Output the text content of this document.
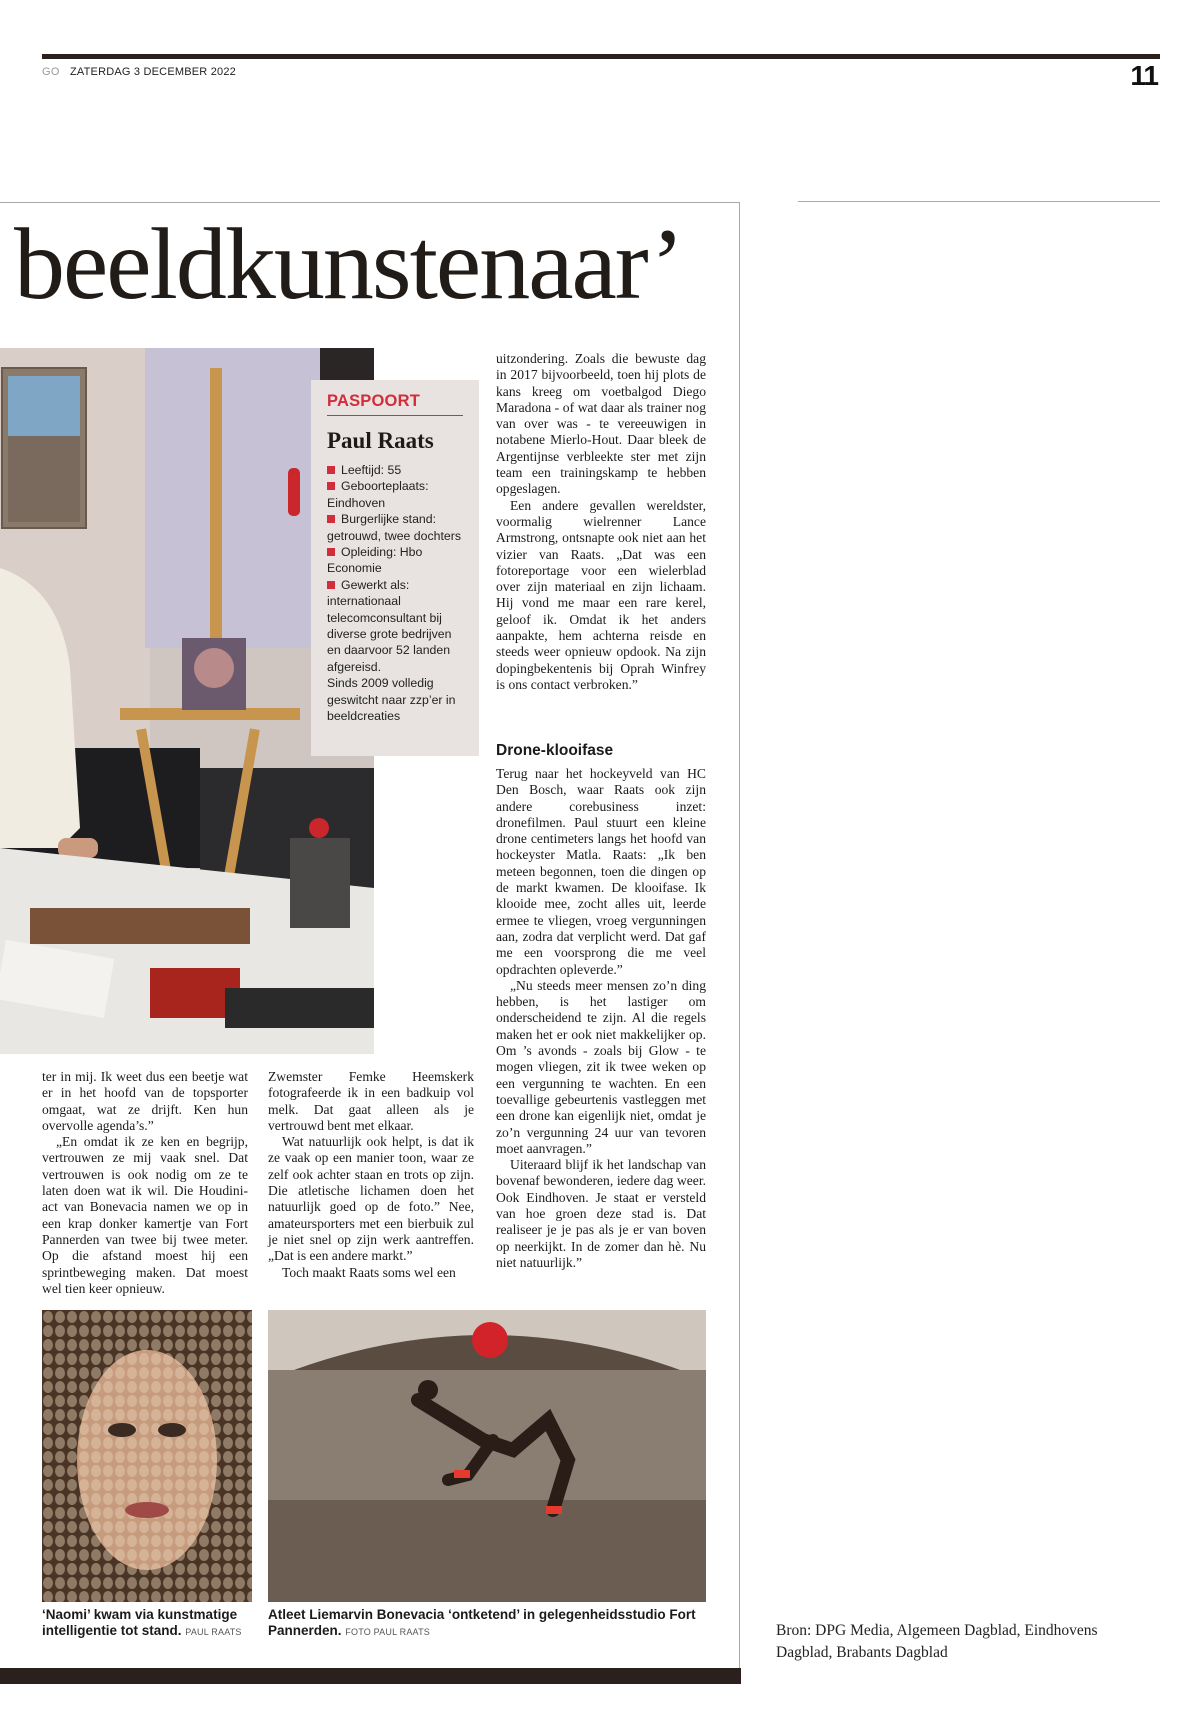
GO ZATERDAG 3 DECEMBER 2022	11
beeldkunstenaar’
PASPOORT
Paul Raats
Leeftijd: 55
Geboorteplaats: Eindhoven
Burgerlijke stand: getrouwd, twee dochters
Opleiding: Hbo Economie
Gewerkt als: internationaal telecomconsultant bij diverse grote bedrijven en daarvoor 52 landen afgereisd.
Sinds 2009 volledig geswitcht naar zzp’er in beeldcreaties

uitzondering. Zoals die bewuste dag in 2017 bijvoorbeeld, toen hij plots de kans kreeg om voetbalgod Diego Maradona - of wat daar als trainer nog van over was - te vereeuwigen in notabene Mierlo-Hout. Daar bleek de Argentijnse verbleekte ster met zijn team een trainingskamp te hebben opgeslagen.

Een andere gevallen wereldster, voormalig wielrenner Lance Armstrong, ontsnapte ook niet aan het vizier van Raats. „Dat was een fotoreportage voor een wielerblad over zijn materiaal en zijn lichaam. Hij vond me maar een rare kerel, geloof ik. Omdat ik het anders aanpakte, hem achterna reisde en steeds weer opnieuw opdook. Na zijn dopingbekentenis bij Oprah Winfrey is ons contact verbroken.”

Drone-klooifase

Terug naar het hockeyveld van HC Den Bosch, waar Raats ook zijn andere corebusiness inzet: dronefilmen. Paul stuurt een kleine drone centimeters langs het hoofd van hockeyster Matla. Raats: „Ik ben meteen begonnen, toen die dingen op de markt kwamen. De klooifase. Ik klooide mee, zocht alles uit, leerde ermee te vliegen, vroeg vergunningen aan, zodra dat verplicht werd. Dat gaf me een voorsprong die me veel opdrachten opleverde.”

„Nu steeds meer mensen zo’n ding hebben, is het lastiger om onderscheidend te zijn. Al die regels maken het er ook niet makkelijker op. Om ’s avonds - zoals bij Glow - te mogen vliegen, zit ik twee weken op een vergunning te wachten. En een toevallige gebeurtenis vastleggen met een drone kan eigenlijk niet, omdat je zo’n vergunning 24 uur van tevoren moet aanvragen.”

Uiteraard blijf ik het landschap van bovenaf bewonderen, iedere dag weer. Ook Eindhoven. Je staat er versteld van hoe groen deze stad is. Dat realiseer je je pas als je er van boven op neerkijkt. In de zomer dan hè. Nu niet natuurlijk.”

ter in mij. Ik weet dus een beetje wat er in het hoofd van de topsporter omgaat, wat ze drijft. Ken hun overvolle agenda’s.”

„En omdat ik ze ken en begrijp, vertrouwen ze mij vaak snel. Dat vertrouwen is ook nodig om ze te laten doen wat ik wil. Die Houdini-act van Bonevacia namen we op in een krap donker kamertje van Fort Pannerden van twee bij twee meter. Op die afstand moest hij een sprintbeweging maken. Dat moest wel tien keer opnieuw.

Zwemster Femke Heemskerk fotografeerde ik in een badkuip vol melk. Dat gaat alleen als je vertrouwd bent met elkaar.

Wat natuurlijk ook helpt, is dat ik ze vaak op een manier toon, waar ze zelf ook achter staan en trots op zijn. Die atletische lichamen doen het natuurlijk goed op de foto.” Nee, amateursporters met een bierbuik zul je niet snel op zijn werk aantreffen. „Dat is een andere markt.”

Toch maakt Raats soms wel een

‘Naomi’ kwam via kunstmatige intelligentie tot stand. PAUL RAATS
Atleet Liemarvin Bonevacia ‘ontketend’ in gelegenheidsstudio Fort Pannerden. FOTO PAUL RAATS	Bron: DPG Media, Algemeen Dagblad, Eindhovens Dagblad, Brabants Dagblad
